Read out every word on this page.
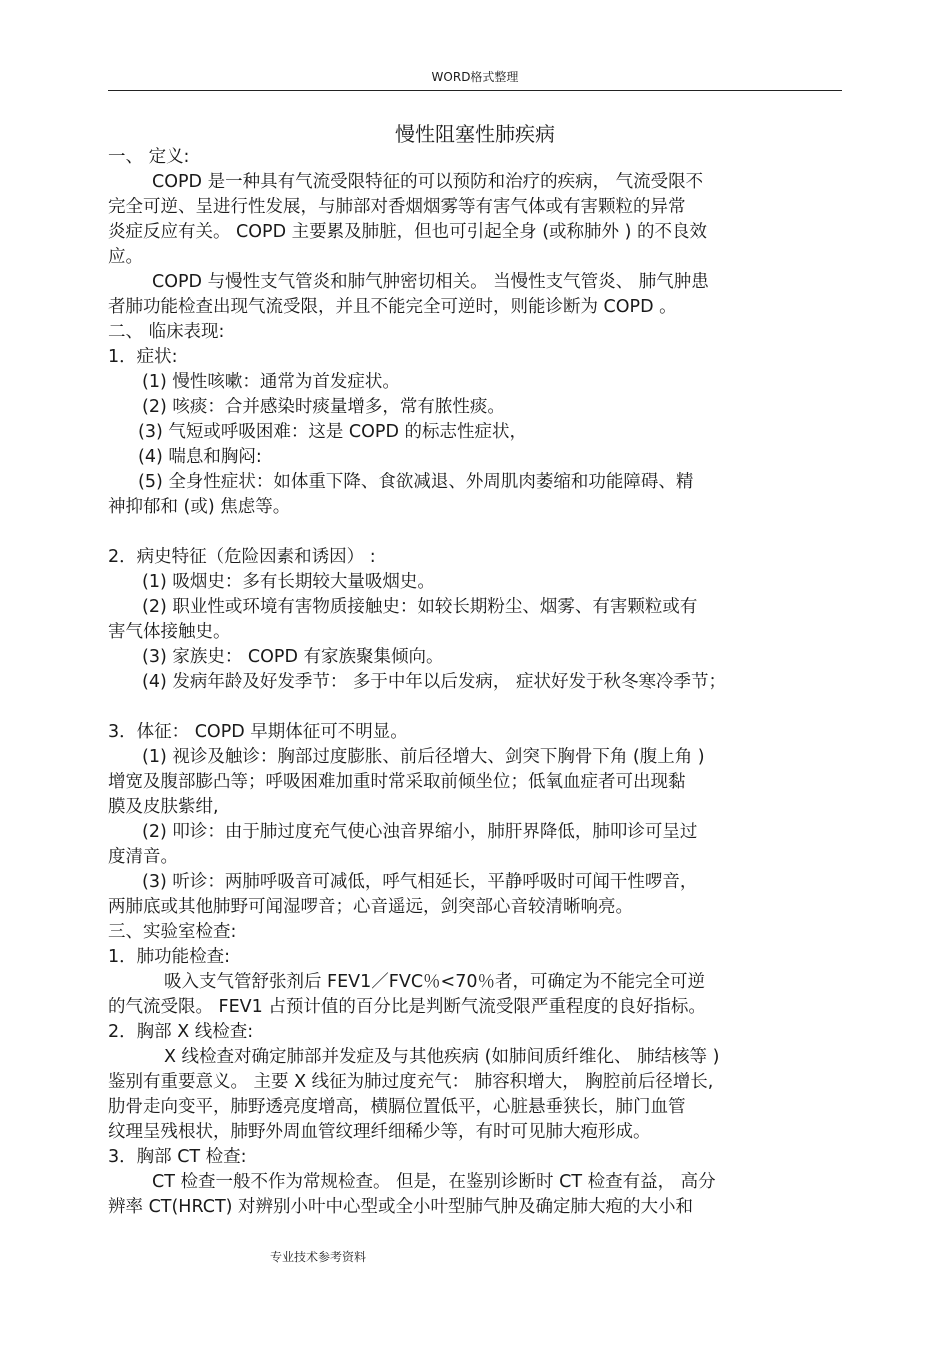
WORD格式整理
慢性阻塞性肺疾病
一、 定义:
COPD 是一种具有气流受限特征的可以预防和治疗的疾病， 气流受限不
完全可逆、呈进行性发展，与肺部对香烟烟雾等有害气体或有害颗粒的异常
炎症反应有关。 COPD 主要累及肺脏，但也可引起全身 (或称肺外 ) 的不良效
应。
COPD 与慢性支气管炎和肺气肿密切相关。 当慢性支气管炎、 肺气肿患
者肺功能检查出现气流受限，并且不能完全可逆时，则能诊断为 COPD 。
二、 临床表现:
1．症状:
(1) 慢性咳嗽：通常为首发症状。
(2) 咳痰：合并感染时痰量增多，常有脓性痰。
(3) 气短或呼吸困难：这是 COPD 的标志性症状，
(4) 喘息和胸闷:
(5) 全身性症状：如体重下降、食欲减退、外周肌肉萎缩和功能障碍、精
神抑郁和 (或) 焦虑等。
2．病史特征（危险因素和诱因） :
(1) 吸烟史：多有长期较大量吸烟史。
(2) 职业性或环境有害物质接触史：如较长期粉尘、烟雾、有害颗粒或有
害气体接触史。
(3) 家族史： COPD 有家族聚集倾向。
(4) 发病年龄及好发季节： 多于中年以后发病， 症状好发于秋冬寒冷季节；
3．体征： COPD 早期体征可不明显。
(1) 视诊及触诊：胸部过度膨胀、前后径增大、剑突下胸骨下角 (腹上角 )
增宽及腹部膨凸等；呼吸困难加重时常采取前倾坐位；低氧血症者可出现黏
膜及皮肤紫绀,
(2) 叩诊：由于肺过度充气使心浊音界缩小，肺肝界降低，肺叩诊可呈过
度清音。
(3) 听诊：两肺呼吸音可减低，呼气相延长，平静呼吸时可闻干性啰音，
两肺底或其他肺野可闻湿啰音；心音遥远，剑突部心音较清晰响亮。
三、实验室检查:
1．肺功能检查:
吸入支气管舒张剂后 FEV1／FVC％<70％者，可确定为不能完全可逆
的气流受限。 FEV1 占预计值的百分比是判断气流受限严重程度的良好指标。
2．胸部 X 线检查:
X 线检查对确定肺部并发症及与其他疾病 (如肺间质纤维化、 肺结核等 )
鉴别有重要意义。 主要 X 线征为肺过度充气： 肺容积增大， 胸腔前后径增长,
肋骨走向变平，肺野透亮度增高，横膈位置低平，心脏悬垂狭长，肺门血管
纹理呈残根状，肺野外周血管纹理纤细稀少等，有时可见肺大疱形成。
3．胸部 CT 检查:
CT 检查一般不作为常规检查。 但是，在鉴别诊断时 CT 检查有益， 高分
辨率 CT(HRCT) 对辨别小叶中心型或全小叶型肺气肿及确定肺大疱的大小和
专业技术参考资料
